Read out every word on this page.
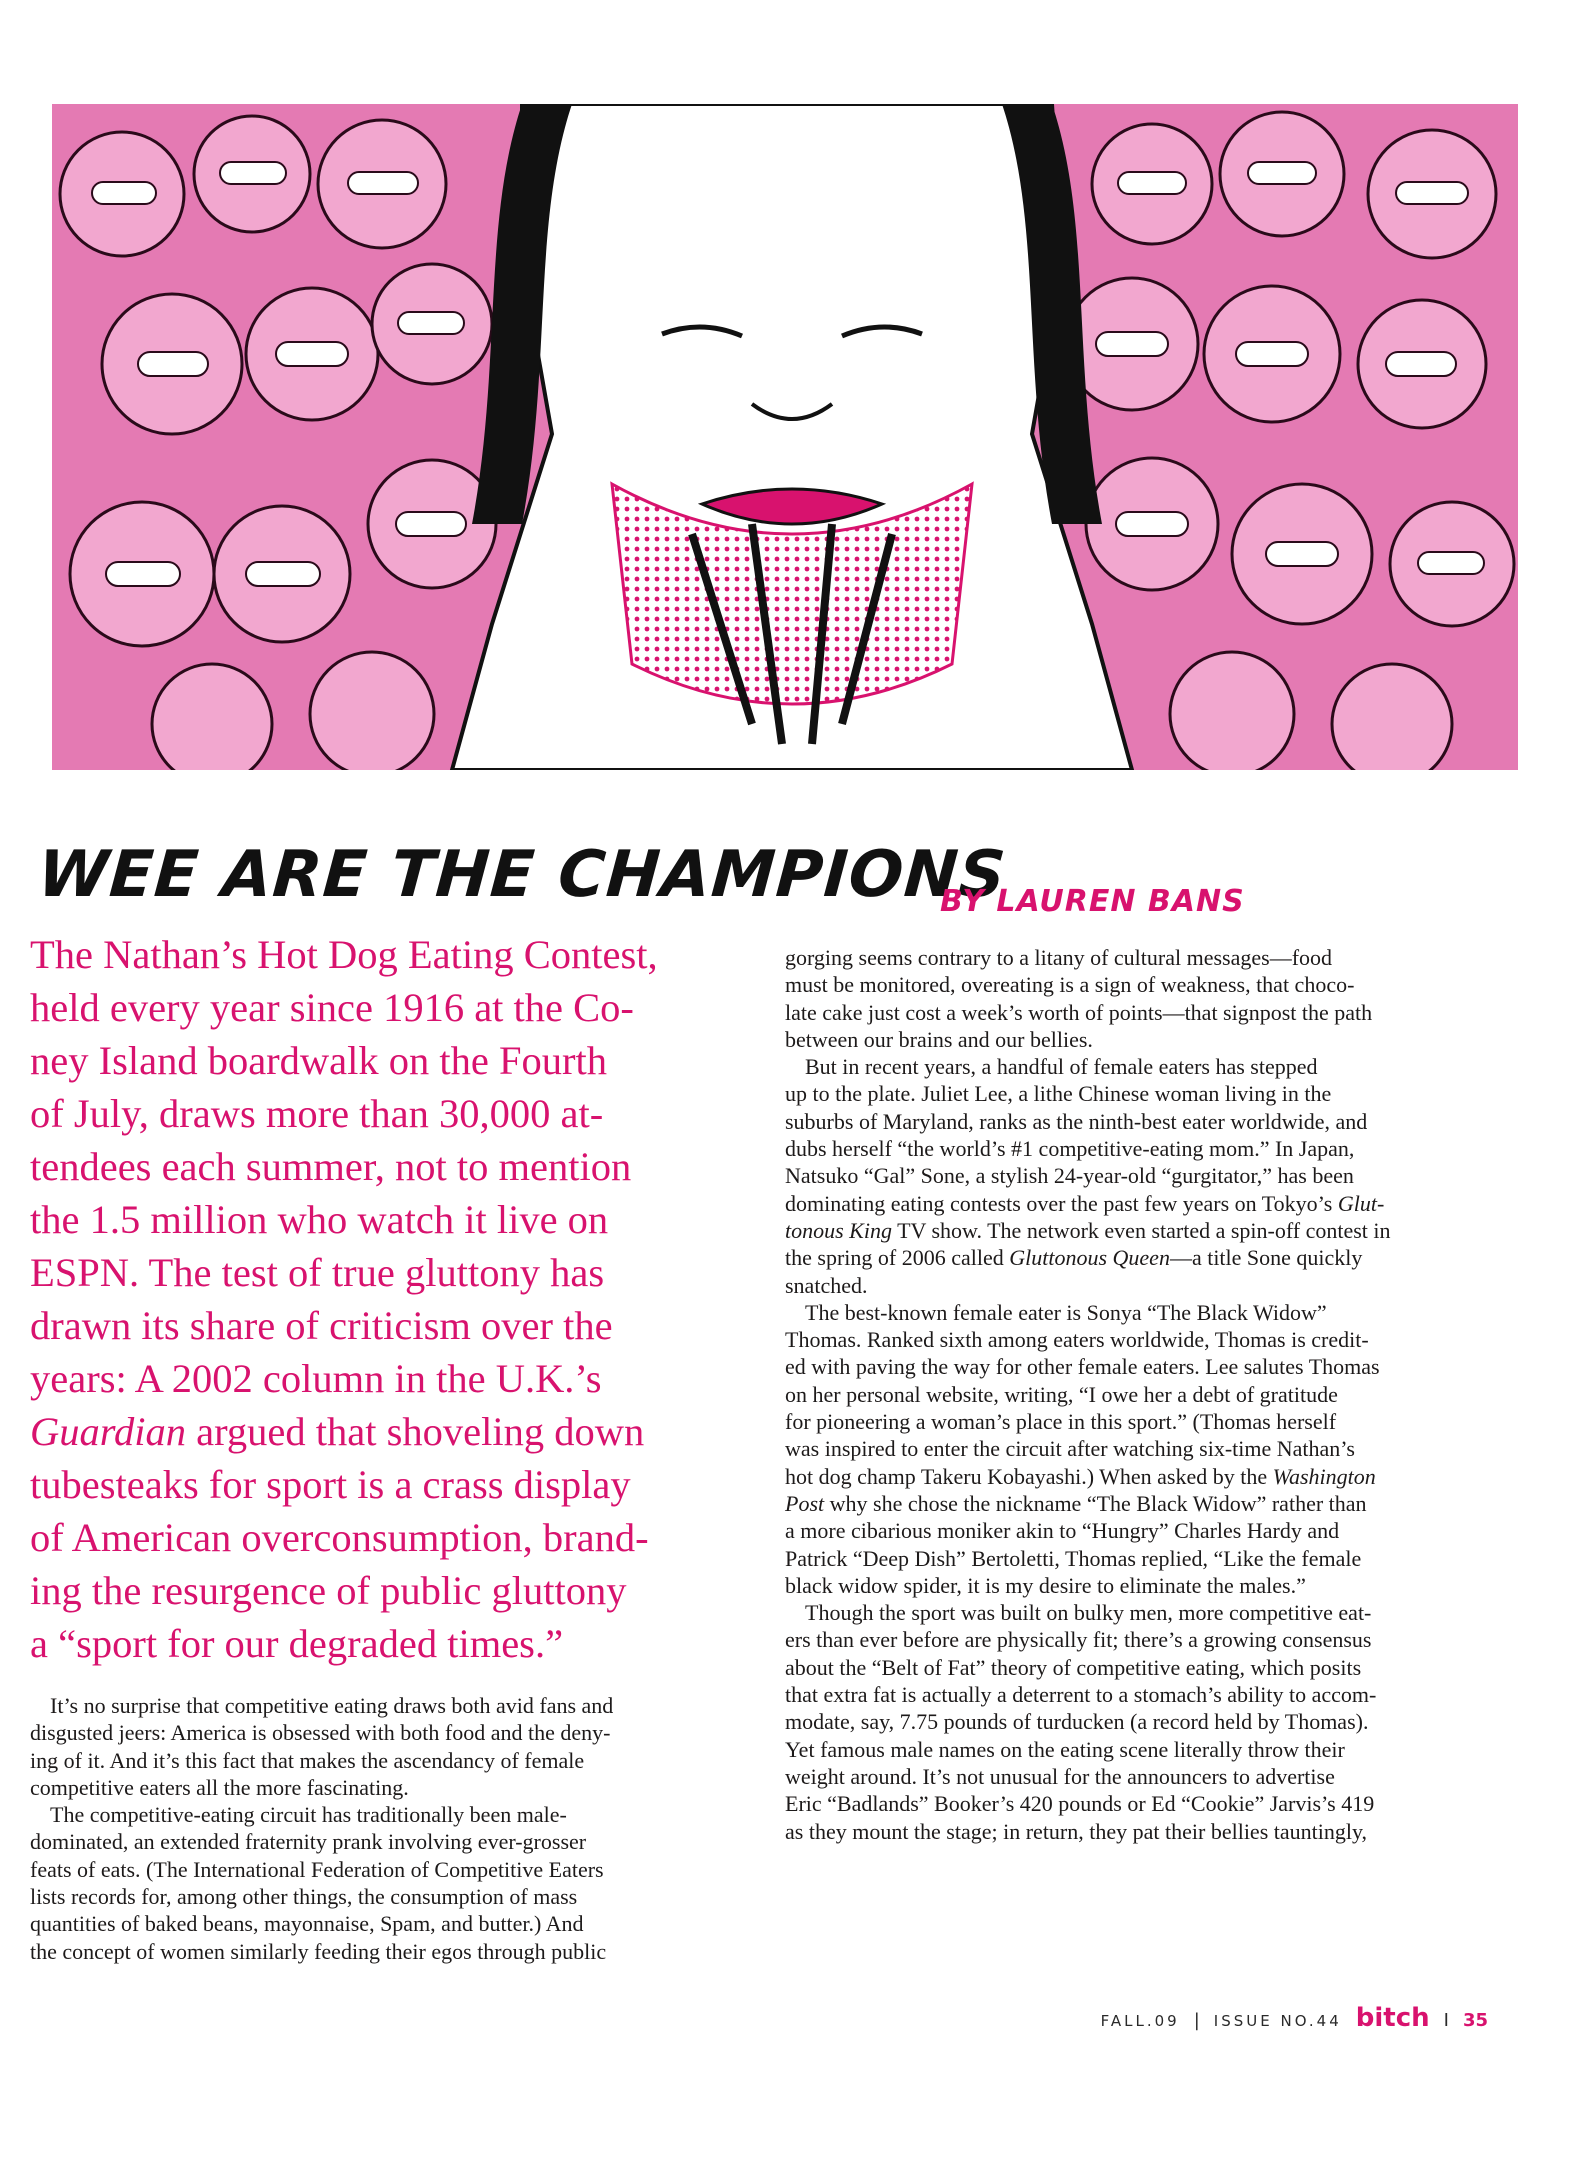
WEE ARE THE CHAMPIONS
BY LAUREN BANS

The Nathan’s Hot Dog Eating Contest,
held every year since 1916 at the Co-
ney Island boardwalk on the Fourth
of July, draws more than 30,000 at-
tendees each summer, not to mention
the 1.5 million who watch it live on
ESPN. The test of true gluttony has
drawn its share of criticism over the
years: A 2002 column in the U.K.’s
Guardian argued that shoveling down
tubesteaks for sport is a crass display
of American overconsumption, brand-
ing the resurgence of public gluttony
a “sport for our degraded times.”

It’s no surprise that competitive eating draws both avid fans and
disgusted jeers: America is obsessed with both food and the deny-
ing of it. And it’s this fact that makes the ascendancy of female
competitive eaters all the more fascinating.

The competitive-eating circuit has traditionally been male-
dominated, an extended fraternity prank involving ever-grosser
feats of eats. (The International Federation of Competitive Eaters
lists records for, among other things, the consumption of mass
quantities of baked beans, mayonnaise, Spam, and butter.) And
the concept of women similarly feeding their egos through public

gorging seems contrary to a litany of cultural messages—food
must be monitored, overeating is a sign of weakness, that choco-
late cake just cost a week’s worth of points—that signpost the path
between our brains and our bellies.

But in recent years, a handful of female eaters has stepped
up to the plate. Juliet Lee, a lithe Chinese woman living in the
suburbs of Maryland, ranks as the ninth-best eater worldwide, and
dubs herself “the world’s #1 competitive-eating mom.” In Japan,
Natsuko “Gal” Sone, a stylish 24-year-old “gurgitator,” has been
dominating eating contests over the past few years on Tokyo’s Glut-
tonous King TV show. The network even started a spin-off contest in
the spring of 2006 called Gluttonous Queen—a title Sone quickly
snatched.

The best-known female eater is Sonya “The Black Widow”
Thomas. Ranked sixth among eaters worldwide, Thomas is credit-
ed with paving the way for other female eaters. Lee salutes Thomas
on her personal website, writing, “I owe her a debt of gratitude
for pioneering a woman’s place in this sport.” (Thomas herself
was inspired to enter the circuit after watching six-time Nathan’s
hot dog champ Takeru Kobayashi.) When asked by the Washington
Post why she chose the nickname “The Black Widow” rather than
a more cibarious moniker akin to “Hungry” Charles Hardy and
Patrick “Deep Dish” Bertoletti, Thomas replied, “Like the female
black widow spider, it is my desire to eliminate the males.”

Though the sport was built on bulky men, more competitive eat-
ers than ever before are physically fit; there’s a growing consensus
about the “Belt of Fat” theory of competitive eating, which posits
that extra fat is actually a deterrent to a stomach’s ability to accom-
modate, say, 7.75 pounds of turducken (a record held by Thomas).
Yet famous male names on the eating scene literally throw their
weight around. It’s not unusual for the announcers to advertise
Eric “Badlands” Booker’s 420 pounds or Ed “Cookie” Jarvis’s 419
as they mount the stage; in return, they pat their bellies tauntingly,

FALL.09 | ISSUE NO.44 bitch I 35
